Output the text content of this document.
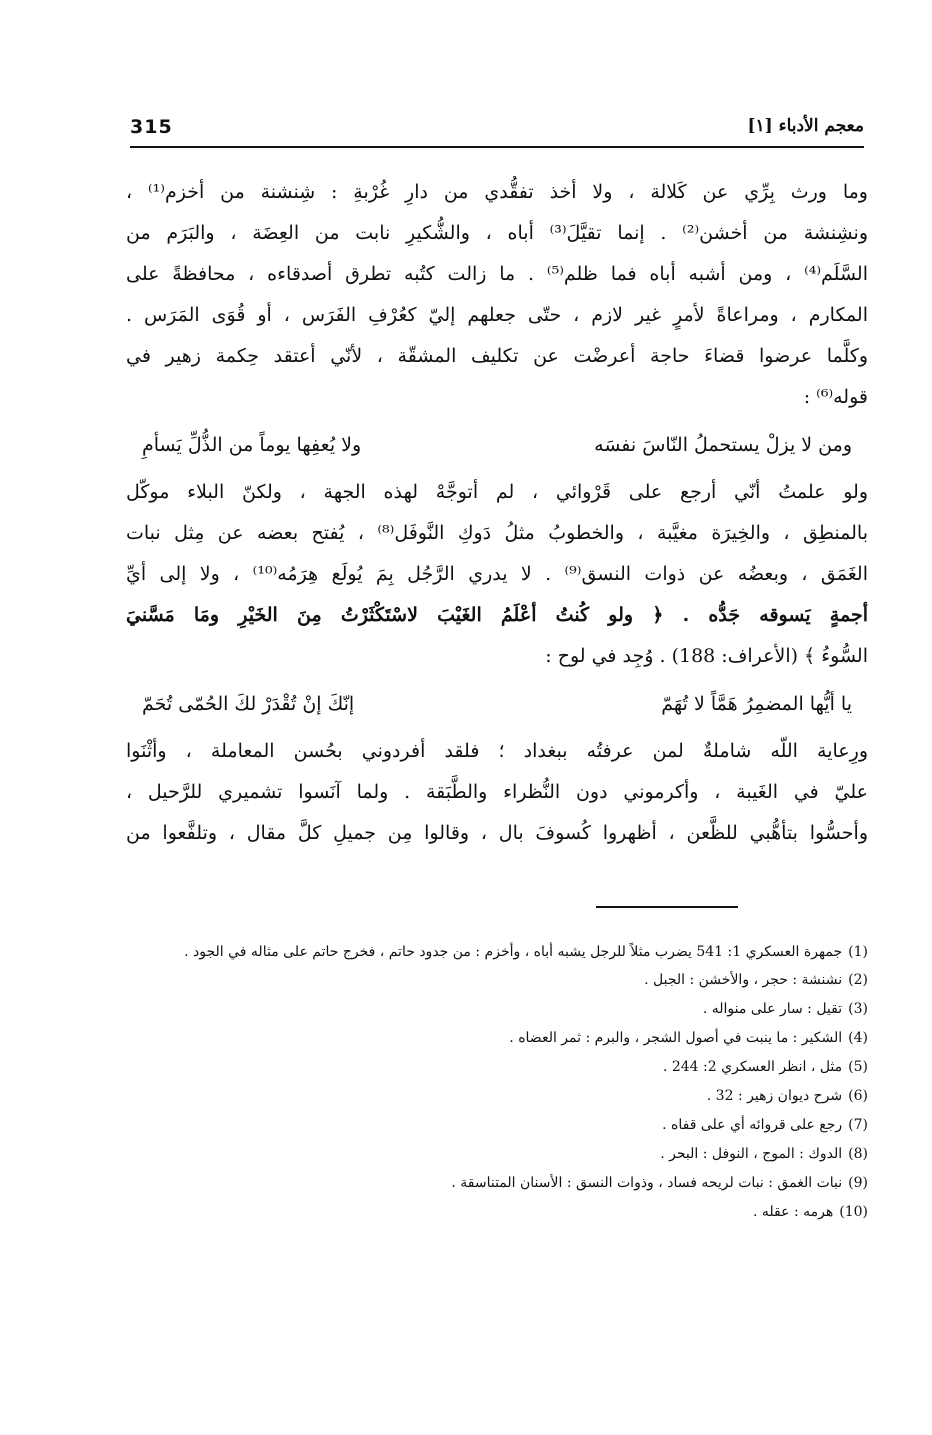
315	معجم الأدباء [١]
وما ورث بِرِّي عن كَلالة ، ولا أخذ تفقُّدي من دارِ غُرْبةِ : شِنشنة من أخزم⁽¹⁾ ،
ونشِنشة من أخشن⁽²⁾ . إنما تقيَّلَ⁽³⁾ أباه ، والشُّكيرِ نابت من العِضَة ، والبَرَم من
السَّلَم⁽⁴⁾ ، ومن أشبه أباه فما ظلم⁽⁵⁾ . ما زالت كتُبه تطرق أصدقاءه ، محافظةً على
المكارم ، ومراعاةً لأمرٍ غير لازم ، حتّى جعلهم إليّ كعُرْفِ الفَرَس ، أو قُوَى المَرَس .
وكلَّما عرضوا قضاءَ حاجة أعرضْت عن تكليف المشقّة ، لأنّي أعتقد حِكمة زهير في
قوله⁽⁶⁾ :
ومن لا يزلْ يستحملُ النّاسَ نفسَه
ولا يُعفِها يوماً من الذُّلِّ يَسأمِ
ولو علمتُ أنّي أرجع على قَرْوائي ، لم أتوجَّهْ لهذه الجهة ، ولكنّ البلاء موكّل
بالمنطِق ، والخِيرَة مغيَّبة ، والخطوبُ مثلُ دَوكِ النَّوفَل⁽⁸⁾ ، يُفتح بعضه عن مِثل نبات
الغَمَق ، وبعضُه عن ذوات النسق⁽⁹⁾ . لا يدري الرَّجُل بِمَ يُولَع هِرَمُه⁽¹⁰⁾ ، ولا إلى أيِّ
أجمةٍ يَسوقه جَدُّه . ﴿ ولو كُنتُ أعْلَمُ الغَيْبَ لاسْتَكْثَرْتُ مِنَ الخَيْرِ ومَا مَسَّنيَ
السُّوءُ ﴾ (الأعراف: 188) . وُجِد في لوح :
يا أيُّها المضمِرُ هَمَّاً لا تُهَمّ
إنّكَ إنْ تُقْدَرْ لكَ الحُمّى تُحَمّ
ورِعاية اللّه شاملةٌ لمن عرفتُه ببغداد ؛ فلقد أفردوني بحُسن المعاملة ، وأثْنَوا
عليّ في الغَيبة ، وأكرموني دون النُّظراء والطَّبَقة . ولما آنَسوا تشميري للرَّحيل ،
وأحسُّوا بتأهُّبي للظَّعن ، أظهروا كُسوفَ بال ، وقالوا مِن جميلِ كلَّ مقال ، وتلفَّعوا من
(1)جمهرة العسكري 1: 541 يضرب مثلاً للرجل يشبه أباه ، وأخزم : من جدود حاتم ، فخرج حاتم على مثاله في الجود .
(2)نشنشة : حجر ، والأخشن : الجبل .
(3)تقيل : سار على منواله .
(4)الشكير : ما ينبت في أصول الشجر ، والبرم : ثمر العضاه .
(5)مثل ، انظر العسكري 2: 244 .
(6)شرح ديوان زهير : 32 .
(7)رجع على قروائه أي على قفاه .
(8)الدوك : الموج ، النوفل : البحر .
(9)نبات الغمق : نبات لريحه فساد ، وذوات النسق : الأسنان المتناسقة .
(10)هرمه : عقله .
